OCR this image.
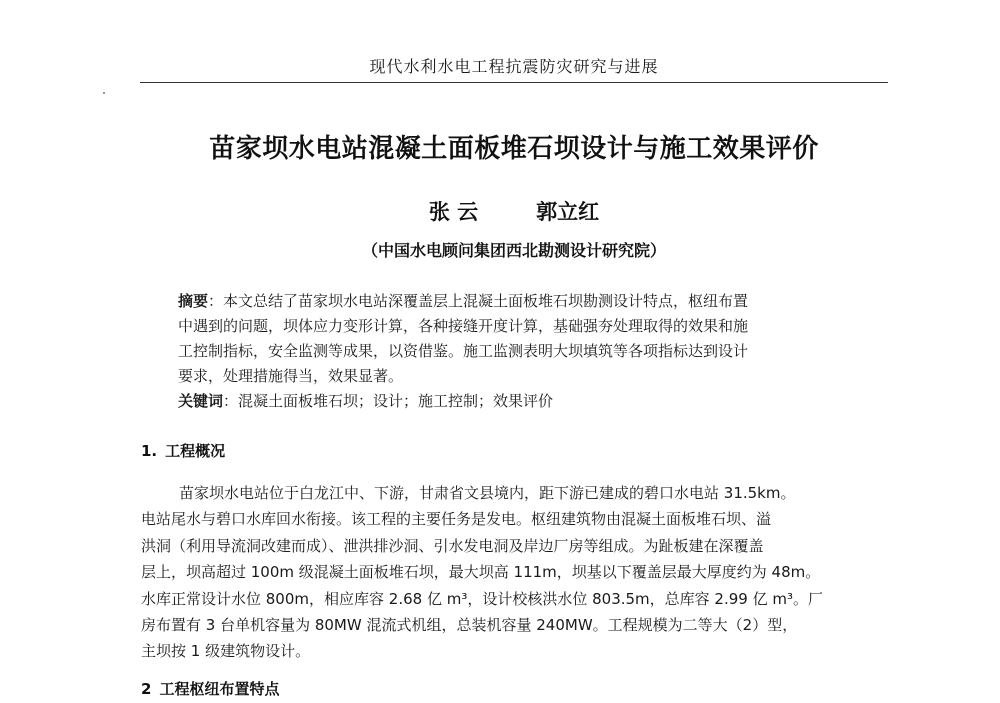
现代水利水电工程抗震防灾研究与进展
苗家坝水电站混凝土面板堆石坝设计与施工效果评价
张 云	郭立红
（中国水电顾问集团西北勘测设计研究院）
摘要：本文总结了苗家坝水电站深覆盖层上混凝土面板堆石坝勘测设计特点，枢纽布置
中遇到的问题，坝体应力变形计算，各种接缝开度计算，基础强夯处理取得的效果和施
工控制指标，安全监测等成果，以资借鉴。施工监测表明大坝填筑等各项指标达到设计
要求，处理措施得当，效果显著。
关键词：混凝土面板堆石坝；设计；施工控制；效果评价
1. 工程概况
苗家坝水电站位于白龙江中、下游，甘肃省文县境内，距下游已建成的碧口水电站 31.5km。
电站尾水与碧口水库回水衔接。该工程的主要任务是发电。枢纽建筑物由混凝土面板堆石坝、溢
洪洞（利用导流洞改建而成）、泄洪排沙洞、引水发电洞及岸边厂房等组成。为趾板建在深覆盖
层上，坝高超过 100m 级混凝土面板堆石坝，最大坝高 111m，坝基以下覆盖层最大厚度约为 48m。
水库正常设计水位 800m，相应库容 2.68 亿 m³，设计校核洪水位 803.5m，总库容 2.99 亿 m³。厂
房布置有 3 台单机容量为 80MW 混流式机组，总装机容量 240MW。工程规模为二等大（2）型，
主坝按 1 级建筑物设计。
2 工程枢纽布置特点
